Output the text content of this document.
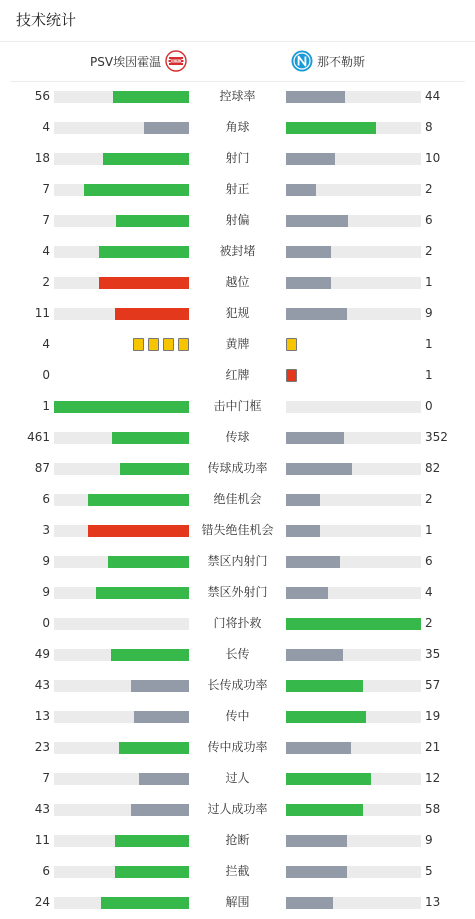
技术统计
PSV埃因霍温	那不勒斯
56	控球率	44
4	角球	8
18	射门	10
7	射正	2
7	射偏	6
4	被封堵	2
2	越位	1
11	犯规	9
4	黄牌	1
0	红牌	1
1	击中门框	0
461	传球	352
87	传球成功率	82
6	绝佳机会	2
3	错失绝佳机会	1
9	禁区内射门	6
9	禁区外射门	4
0	门将扑救	2
49	长传	35
43	长传成功率	57
13	传中	19
23	传中成功率	21
7	过人	12
43	过人成功率	58
11	抢断	9
6	拦截	5
24	解围	13
